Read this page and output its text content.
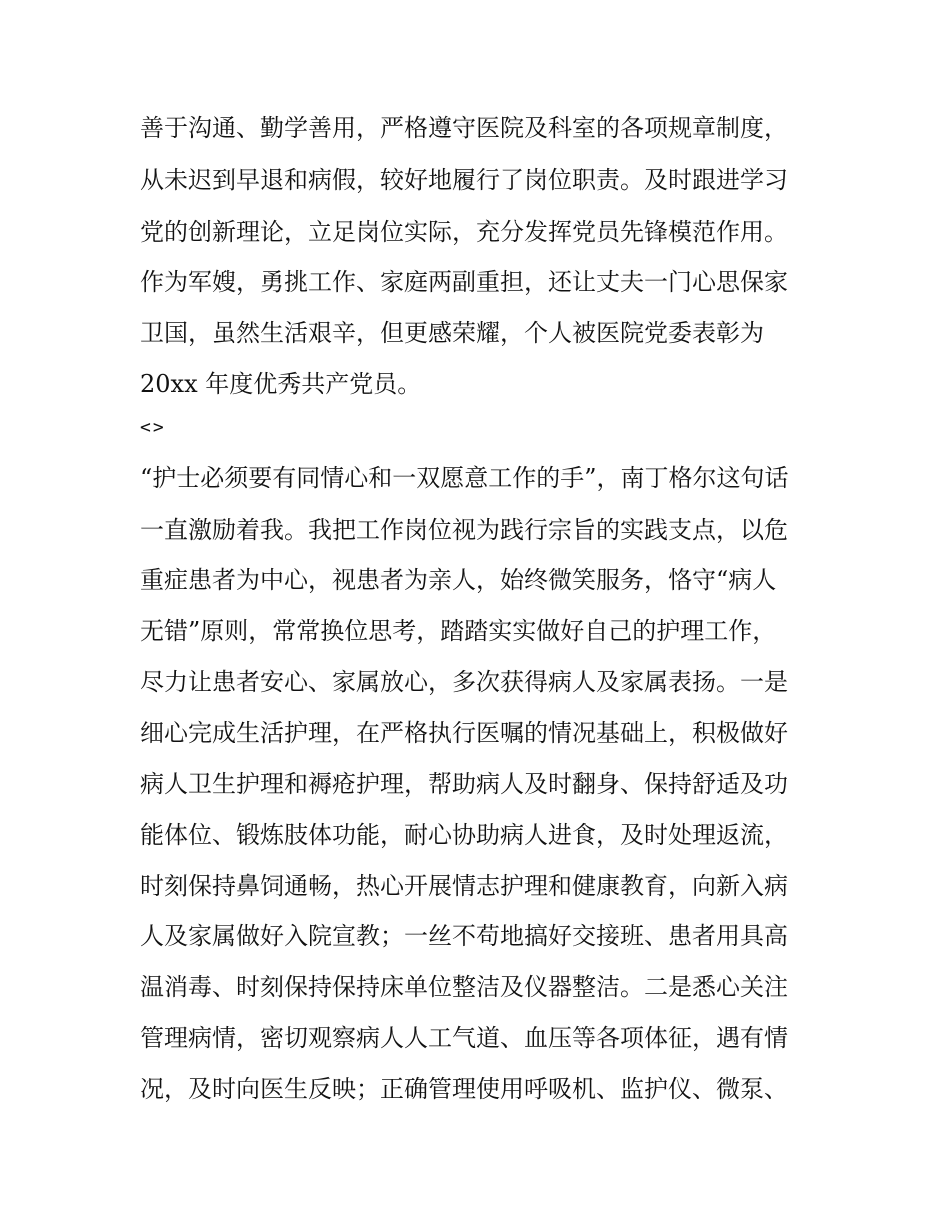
善于沟通、勤学善用，严格遵守医院及科室的各项规章制度，
从未迟到早退和病假，较好地履行了岗位职责。及时跟进学习
党的创新理论，立足岗位实际，充分发挥党员先锋模范作用。
作为军嫂，勇挑工作、家庭两副重担，还让丈夫一门心思保家
卫国，虽然生活艰辛，但更感荣耀，个人被医院党委表彰为
20xx 年度优秀共产党员。
<>
“护士必须要有同情心和一双愿意工作的手”，南丁格尔这句话
一直激励着我。我把工作岗位视为践行宗旨的实践支点，以危
重症患者为中心，视患者为亲人，始终微笑服务，恪守“病人
无错”原则，常常换位思考，踏踏实实做好自己的护理工作，
尽力让患者安心、家属放心，多次获得病人及家属表扬。一是
细心完成生活护理，在严格执行医嘱的情况基础上，积极做好
病人卫生护理和褥疮护理，帮助病人及时翻身、保持舒适及功
能体位、锻炼肢体功能，耐心协助病人进食，及时处理返流，
时刻保持鼻饲通畅，热心开展情志护理和健康教育，向新入病
人及家属做好入院宣教；一丝不苟地搞好交接班、患者用具高
温消毒、时刻保持保持床单位整洁及仪器整洁。二是悉心关注
管理病情，密切观察病人人工气道、血压等各项体征，遇有情
况，及时向医生反映；正确管理使用呼吸机、监护仪、微泵、
